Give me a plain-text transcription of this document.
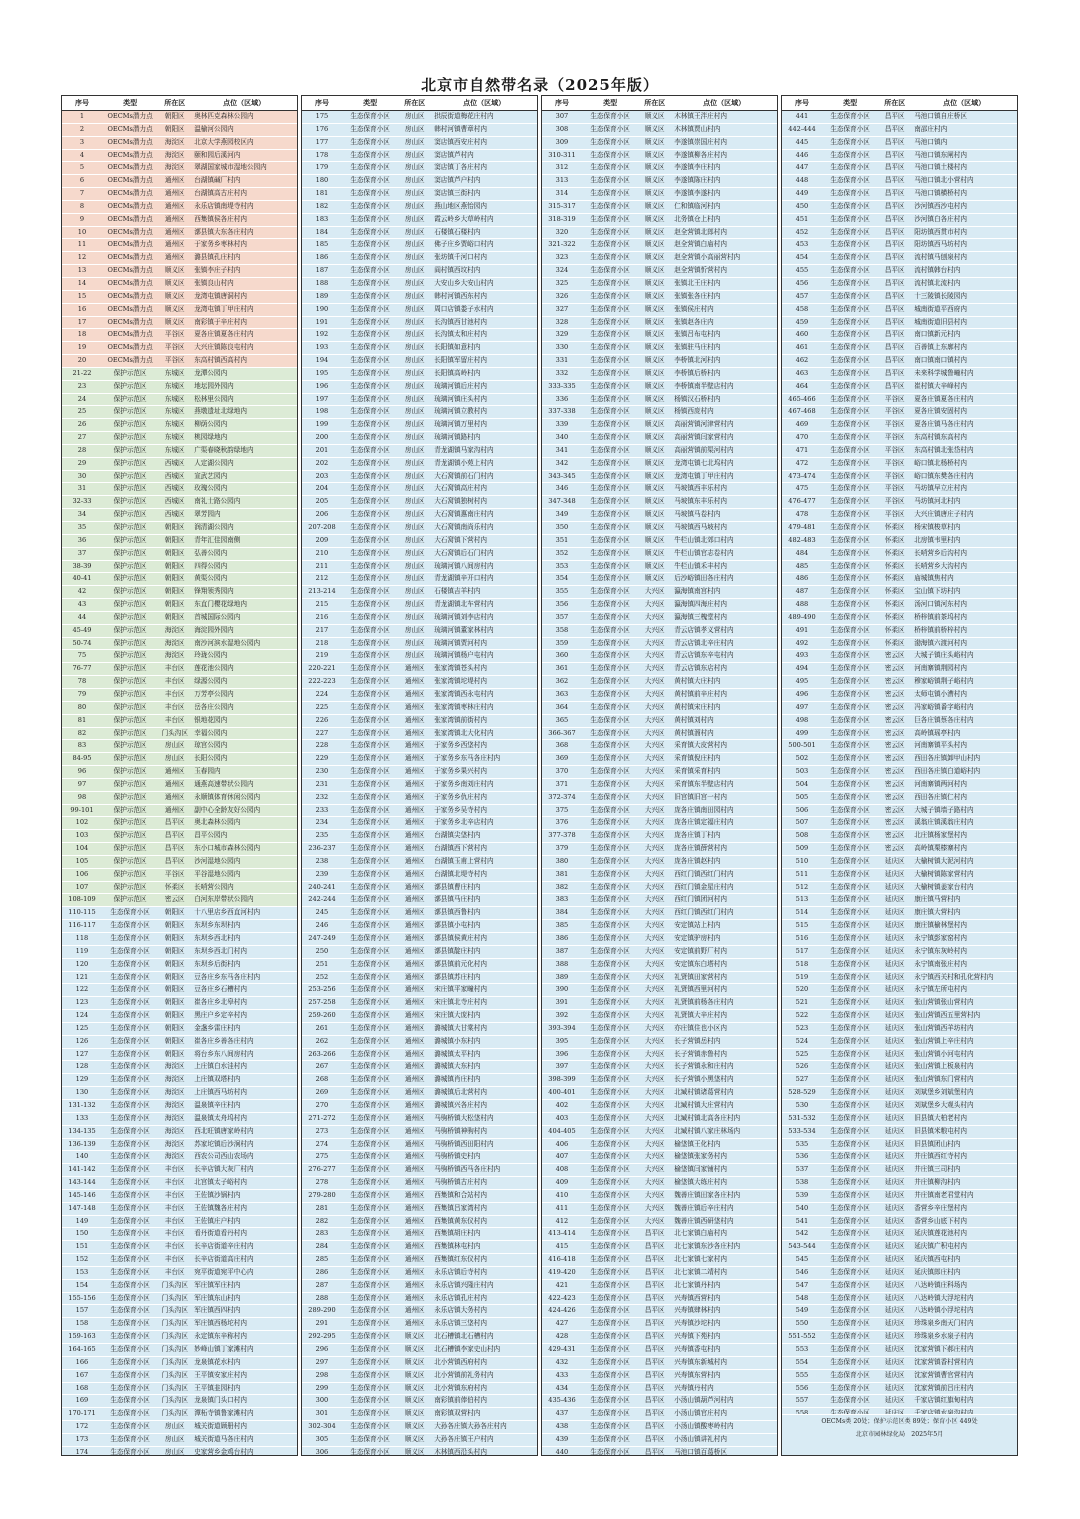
北京市自然带名录（2025年版）
序号	类型	所在区	点位（区域）
1	OECMs潜力点	朝阳区	奥林匹克森林公园内
2	OECMs潜力点	朝阳区	温榆河公园内
3	OECMs潜力点	海淀区	北京大学燕园校区内
4	OECMs潜力点	海淀区	颐和园后溪河内
5	OECMs潜力点	海淀区	翠湖国家城市湿地公园内
6	OECMs潜力点	通州区	台湖镇碱厂村内
7	OECMs潜力点	通州区	台湖镇高古庄村内
8	OECMs潜力点	通州区	永乐店镇南堤寺村内
9	OECMs潜力点	通州区	西集镇侯各庄村内
10	OECMs潜力点	通州区	漷县镇大东各庄村内
11	OECMs潜力点	通州区	于家务乡枣林村内
12	OECMs潜力点	通州区	潞县镇孔庄村内
13	OECMs潜力点	顺义区	张镇李庄子村内
14	OECMs潜力点	顺义区	张镇良山村内
15	OECMs潜力点	顺义区	龙湾屯镇唐洞村内
16	OECMs潜力点	顺义区	龙湾屯镇丁甲庄村内
17	OECMs潜力点	顺义区	南彩镇于辛庄村内
18	OECMs潜力点	平谷区	夏各庄镇夏各庄村内
19	OECMs潜力点	平谷区	大兴庄镇陈良屯村内
20	OECMs潜力点	平谷区	东高村镇西高村内
21-22	保护示范区	东城区	龙潭公园内
23	保护示范区	东城区	地坛园外园内
24	保护示范区	东城区	松林里公园内
25	保护示范区	东城区	燕墩遗址北绿地内
26	保护示范区	东城区	柳荫公园内
27	保护示范区	东城区	桃园绿地内
28	保护示范区	东城区	广渠春晓秋韵绿地内
29	保护示范区	西城区	人定湖公园内
30	保护示范区	西城区	宣武艺园内
31	保护示范区	西城区	玫瑰公园内
32-33	保护示范区	西城区	南礼士路公园内
34	保护示范区	西城区	翠芳园内
35	保护示范区	朝阳区	润清湖公园内
36	保护示范区	朝阳区	青年汇佳园南侧
37	保护示范区	朝阳区	弘善公园内
38-39	保护示范区	朝阳区	四得公园内
40-41	保护示范区	朝阳区	黄渠公园内
42	保护示范区	朝阳区	锋翔领秀园内
43	保护示范区	朝阳区	东直门樱花绿地内
44	保护示范区	朝阳区	首城国际公园内
45-49	保护示范区	海淀区	海淀园外园内
50-74	保护示范区	海淀区	南沙河滨水湿地公园内
75	保护示范区	海淀区	玲珑公园内
76-77	保护示范区	丰台区	莲花池公园内
78	保护示范区	丰台区	绿源公园内
79	保护示范区	丰台区	万芳亭公园内
80	保护示范区	丰台区	岳各庄公园内
81	保护示范区	丰台区	银地花园内
82	保护示范区	门头沟区	幸福公园内
83	保护示范区	房山区	琼宫公园内
84-95	保护示范区	房山区	长阳公园内
96	保护示范区	通州区	玉春园内
97	保护示范区	通州区	通燕高速带状公园内
98	保护示范区	通州区	永顺镇体育休闲公园内
99-101	保护示范区	通州区	副中心全龄友好公园内
102	保护示范区	昌平区	奥北森林公园内
103	保护示范区	昌平区	昌平公园内
104	保护示范区	昌平区	东小口城市森林公园内
105	保护示范区	昌平区	沙河湿地公园内
106	保护示范区	平谷区	平谷湿地公园内
107	保护示范区	怀柔区	长哨营公园内
108-109	保护示范区	密云区	白河东岸带状公园内
110-115	生态保育小区	朝阳区	十八里店乡西直河村内
116-117	生态保育小区	朝阳区	东坝乡东坝村内
118	生态保育小区	朝阳区	东坝乡西北村内
119	生态保育小区	朝阳区	东坝乡西北门村内
120	生态保育小区	朝阳区	东坝乡后街村内
121	生态保育小区	朝阳区	豆各庄乡东马各庄村内
122	生态保育小区	朝阳区	豆各庄乡石槽村内
123	生态保育小区	朝阳区	崔各庄乡北皋村内
124	生态保育小区	朝阳区	黑庄户乡定辛村内
125	生态保育小区	朝阳区	金盏乡雷庄村内
126	生态保育小区	朝阳区	崔各庄乡善各庄村内
127	生态保育小区	朝阳区	将台乡东八间房村内
128	生态保育小区	海淀区	上庄镇白水洼村内
129	生态保育小区	海淀区	上庄镇双塔村内
130	生态保育小区	海淀区	上庄镇西马坊村内
131-132	生态保育小区	海淀区	温泉镇辛庄村内
133	生态保育小区	海淀区	温泉镇太舟坞村内
134-135	生态保育小区	海淀区	西北旺镇唐家岭村内
136-139	生态保育小区	海淀区	苏家坨镇后沙涧村内
140	生态保育小区	海淀区	西农公司西山农场内
141-142	生态保育小区	丰台区	长辛店镇大灰厂村内
143-144	生态保育小区	丰台区	北宫镇太子峪村内
145-146	生态保育小区	丰台区	王佐镇沙锅村内
147-148	生态保育小区	丰台区	王佐镇魏各庄村内
149	生态保育小区	丰台区	王佐镇庄户村内
150	生态保育小区	丰台区	看丹街道看丹村内
151	生态保育小区	丰台区	长辛店街道辛庄村内
152	生态保育小区	丰台区	长辛店街道高庄村内
153	生态保育小区	丰台区	宛平街道宛平中心内
154	生态保育小区	门头沟区	军庄镇军庄村内
155-156	生态保育小区	门头沟区	军庄镇东山村内
157	生态保育小区	门头沟区	军庄镇西四村内
158	生态保育小区	门头沟区	军庄镇西杨坨村内
159-163	生态保育小区	门头沟区	永定镇东辛称村内
164-165	生态保育小区	门头沟区	妙峰山镇丁家滩村内
166	生态保育小区	门头沟区	龙泉镇花水村内
167	生态保育小区	门头沟区	王平镇安家庄村内
168	生态保育小区	门头沟区	王平镇韭园村内
169	生态保育小区	门头沟区	龙泉镇门头口村内
170-171	生态保育小区	门头沟区	潭柘寺镇鲁家滩村内
172	生态保育小区	房山区	城关街道顾册村内
173	生态保育小区	房山区	城关街道马各庄村内
174	生态保育小区	房山区	史家营乡金鸡台村内
序号	类型	所在区	点位（区域）
175	生态保育小区	房山区	拱辰街道梅花庄村内
176	生态保育小区	房山区	韩村河镇曹章村内
177	生态保育小区	房山区	窦店镇西安庄村内
178	生态保育小区	房山区	窦店镇芦村内
179	生态保育小区	房山区	窦店镇丁各庄村内
180	生态保育小区	房山区	窦店镇芦户村内
181	生态保育小区	房山区	窦店镇三街村内
182	生态保育小区	房山区	燕山地区燕怡园内
183	生态保育小区	房山区	霞云岭乡大草岭村内
184	生态保育小区	房山区	石楼镇石楼村内
185	生态保育小区	房山区	佛子庄乡贾峪口村内
186	生态保育小区	房山区	张坊镇千河口村内
187	生态保育小区	房山区	阎村镇西坟村内
188	生态保育小区	房山区	大安山乡大安山村内
189	生态保育小区	房山区	韩村河镇西东村内
190	生态保育小区	房山区	周口店镇娄子水村内
191	生态保育小区	房山区	长沟镇西甘池村内
192	生态保育小区	房山区	长沟镇太和庄村内
193	生态保育小区	房山区	长阳镇如意村内
194	生态保育小区	房山区	长阳镇军留庄村内
195	生态保育小区	房山区	长阳镇高岭村内
196	生态保育小区	房山区	琉璃河镇后庄村内
197	生态保育小区	房山区	琉璃河镇庄头村内
198	生态保育小区	房山区	琉璃河镇立教村内
199	生态保育小区	房山区	琉璃河镇万里村内
200	生态保育小区	房山区	琉璃河镇路村内
201	生态保育小区	房山区	青龙湖镇马家沟村内
202	生态保育小区	房山区	青龙湖镇小苑上村内
203	生态保育小区	房山区	大石窝镇前石门村内
204	生态保育小区	房山区	大石窝镇高庄村内
205	生态保育小区	房山区	大石窝镇独树村内
206	生态保育小区	房山区	大石窝镇惠南庄村内
207-208	生态保育小区	房山区	大石窝镇南尚乐村内
209	生态保育小区	房山区	大石窝镇下营村内
210	生态保育小区	房山区	大石窝镇后石门村内
211	生态保育小区	房山区	琉璃河镇八间房村内
212	生态保育小区	房山区	青龙湖镇辛开口村内
213-214	生态保育小区	房山区	石楼镇吉羊村内
215	生态保育小区	房山区	青龙湖镇北车营村内
216	生态保育小区	房山区	琉璃河镇刘李店村内
217	生态保育小区	房山区	琉璃河镇董家林村内
218	生态保育小区	房山区	琉璃河镇贾河村内
219	生态保育小区	房山区	琉璃河镇杨户屯村内
220-221	生态保育小区	通州区	张家湾镇苍头村内
222-223	生态保育小区	通州区	张家湾镇坨堤村内
224	生态保育小区	通州区	张家湾镇西永屯村内
225	生态保育小区	通州区	张家湾镇枣林庄村内
226	生态保育小区	通州区	张家湾镇前街村内
227	生态保育小区	通州区	张家湾镇北大化村内
228	生态保育小区	通州区	于家务乡西垡村内
229	生态保育小区	通州区	于家务乡东马各庄村内
230	生态保育小区	通州区	于家务乡果兴村内
231	生态保育小区	通州区	于家务乡南刘庄村内
232	生态保育小区	通州区	于家务乡仇庄村内
233	生态保育小区	通州区	于家务乡吴寺村内
234	生态保育小区	通州区	于家务乡北辛店村内
235	生态保育小区	通州区	台湖镇尖垡村内
236-237	生态保育小区	通州区	台湖镇西下营村内
238	生态保育小区	通州区	台湖镇玉甫上营村内
239	生态保育小区	通州区	台湖镇北堤寺村内
240-241	生态保育小区	通州区	漷县镇曹庄村内
242-244	生态保育小区	通州区	漷县镇马庄村内
245	生态保育小区	通州区	漷县镇西鲁村内
246	生态保育小区	通州区	漷县镇小屯村内
247-249	生态保育小区	通州区	漷县镇侯黄庄村内
250	生态保育小区	通州区	漷县镇靛庄村内
251	生态保育小区	通州区	漷县镇前元化村内
252	生态保育小区	通州区	漷县镇苏庄村内
253-256	生态保育小区	通州区	宋庄镇平家疃村内
257-258	生态保育小区	通州区	宋庄镇北寺庄村内
259-260	生态保育小区	通州区	宋庄镇大庞村内
261	生态保育小区	通州区	潞城镇大甘棠村内
262	生态保育小区	通州区	潞城镇小东村内
263-266	生态保育小区	通州区	潞城镇太平村内
267	生态保育小区	通州区	潞城镇大东村内
268	生态保育小区	通州区	潞城镇肖庄村内
269	生态保育小区	通州区	潞城镇后北营村内
270	生态保育小区	通州区	潞城镇兴各庄村内
271-272	生态保育小区	通州区	马驹桥镇大松垡村内
273	生态保育小区	通州区	马驹桥镇神驹村内
274	生态保育小区	通州区	马驹桥镇西田阳村内
275	生态保育小区	通州区	马驹桥镇史村内
276-277	生态保育小区	通州区	马驹桥镇西马各庄村内
278	生态保育小区	通州区	马驹桥镇古庄村内
279-280	生态保育小区	通州区	西集镇和合站村内
281	生态保育小区	通州区	西集镇吕家湾村内
282	生态保育小区	通州区	西集镇黄东仪村内
283	生态保育小区	通州区	西集镇胡庄村内
284	生态保育小区	通州区	西集镇林屯村内
285	生态保育小区	通州区	西集镇红东仪村内
286	生态保育小区	通州区	永乐店镇后寺村内
287	生态保育小区	通州区	永乐店镇兴隆庄村内
288	生态保育小区	通州区	永乐店镇孔庄村内
289-290	生态保育小区	通州区	永乐店镇大务村内
291	生态保育小区	通州区	永乐店镇三垡村内
292-295	生态保育小区	顺义区	北石槽镇北石槽村内
296	生态保育小区	顺义区	北石槽镇李家史山村内
297	生态保育小区	顺义区	北小营镇西府村内
298	生态保育小区	顺义区	北小营镇前礼务村内
299	生态保育小区	顺义区	北小营镇东府村内
300	生态保育小区	顺义区	南彩镇前俸伯村内
301	生态保育小区	顺义区	南彩镇双营村内
302-304	生态保育小区	顺义区	大孙各庄镇大孙各庄村内
305	生态保育小区	顺义区	大孙各庄镇王户村内
306	生态保育小区	顺义区	木林镇西沿头村内
序号	类型	所在区	点位（区域）
307	生态保育小区	顺义区	木林镇王泮庄村内
308	生态保育小区	顺义区	木林镇贾山村内
309	生态保育小区	顺义区	李遂镇崇国庄村内
310-311	生态保育小区	顺义区	李遂镇柳各庄村内
312	生态保育小区	顺义区	李遂镇李庄村内
313	生态保育小区	顺义区	李遂镇陈庄村内
314	生态保育小区	顺义区	李遂镇李遂村内
315-317	生态保育小区	顺义区	仁和镇临河村内
318-319	生态保育小区	顺义区	北务镇仓上村内
320	生态保育小区	顺义区	赵全营镇北郎村内
321-322	生态保育小区	顺义区	赵全营镇白庙村内
323	生态保育小区	顺义区	赵全营镇小高丽营村内
324	生态保育小区	顺义区	赵全营镇忻营村内
325	生态保育小区	顺义区	张镇北王庄村内
326	生态保育小区	顺义区	张镇张各庄村内
327	生态保育小区	顺义区	张镇侯庄村内
328	生态保育小区	顺义区	张镇赵各庄内
329	生态保育小区	顺义区	张镇吕布屯村内
330	生态保育小区	顺义区	张镇驻马庄村内
331	生态保育小区	顺义区	李桥镇北河村内
332	生态保育小区	顺义区	李桥镇后桥村内
333-335	生态保育小区	顺义区	李桥镇南半壁店村内
336	生态保育小区	顺义区	杨镇汉石桥村内
337-338	生态保育小区	顺义区	杨镇西庞村内
339	生态保育小区	顺义区	高丽营镇河津营村内
340	生态保育小区	顺义区	高丽营镇闫家营村内
341	生态保育小区	顺义区	高丽营镇前渠河村内
342	生态保育小区	顺义区	龙湾屯镇七北坞村内
343-345	生态保育小区	顺义区	龙湾屯镇丁甲庄村内
346	生态保育小区	顺义区	马坡镇西丰乐村内
347-348	生态保育小区	顺义区	马坡镇东丰乐村内
349	生态保育小区	顺义区	马坡镇马卷村内
350	生态保育小区	顺义区	马坡镇西马坡村内
351	生态保育小区	顺义区	牛栏山镇北郊口村内
352	生态保育小区	顺义区	牛栏山镇官志卷村内
353	生态保育小区	顺义区	牛栏山镇禾丰村内
354	生态保育小区	顺义区	后沙峪镇田各庄村内
355	生态保育小区	大兴区	瀛海镇南宫村内
356	生态保育小区	大兴区	瀛海镇四海庄村内
357	生态保育小区	大兴区	瀛海镇三槐堂村内
358	生态保育小区	大兴区	青云店镇孝义营村内
359	生态保育小区	大兴区	青云店镇北辛庄村内
360	生态保育小区	大兴区	青云店镇东辛屯村内
361	生态保育小区	大兴区	青云店镇东店村内
362	生态保育小区	大兴区	黄村镇大庄村内
363	生态保育小区	大兴区	黄村镇前辛庄村内
364	生态保育小区	大兴区	黄村镇宋庄村内
365	生态保育小区	大兴区	黄村镇刘村内
366-367	生态保育小区	大兴区	黄村镇溜村内
368	生态保育小区	大兴区	采育镇大皮营村内
369	生态保育小区	大兴区	采育镇倪庄村内
370	生态保育小区	大兴区	采育镇采育村内
371	生态保育小区	大兴区	采育镇东半壁店村内
372-374	生态保育小区	大兴区	旧宫镇旧宫一村内
375	生态保育小区	大兴区	庞各庄镇南田园村内
376	生态保育小区	大兴区	庞各庄镇定福庄村内
377-378	生态保育小区	大兴区	庞各庄镇丁村内
379	生态保育小区	大兴区	庞各庄镇薛营村内
380	生态保育小区	大兴区	庞各庄镇赵村内
381	生态保育小区	大兴区	西红门镇西红门村内
382	生态保育小区	大兴区	西红门镇金星庄村内
383	生态保育小区	大兴区	西红门镇团河村内
384	生态保育小区	大兴区	西红门镇西红门村内
385	生态保育小区	大兴区	安定镇站上村内
386	生态保育小区	大兴区	安定镇驴房村内
387	生态保育小区	大兴区	安定镇前野厂村内
388	生态保育小区	大兴区	安定镇东白塔村内
389	生态保育小区	大兴区	礼贤镇田家营村内
390	生态保育小区	大兴区	礼贤镇西里河村内
391	生态保育小区	大兴区	礼贤镇前杨各庄村内
392	生态保育小区	大兴区	礼贤镇大辛庄村内
393-394	生态保育小区	大兴区	亦庄镇住也小区内
395	生态保育小区	大兴区	长子营镇岳村内
396	生态保育小区	大兴区	长子营镇赤鲁村内
397	生态保育小区	大兴区	长子营镇永和庄村内
398-399	生态保育小区	大兴区	长子营镇小黑垡村内
400-401	生态保育小区	大兴区	北臧村镇诸葛营村内
402	生态保育小区	大兴区	北臧村镇大庄营村内
403	生态保育小区	大兴区	北臧村镇北高各庄村内
404-405	生态保育小区	大兴区	北臧村镇八家庄林场内
406	生态保育小区	大兴区	榆垡镇王化村内
407	生态保育小区	大兴区	榆垡镇张家务村内
408	生态保育小区	大兴区	榆垡镇闫家铺村内
409	生态保育小区	大兴区	榆垡镇大练庄村内
410	生态保育小区	大兴区	魏善庄镇田家各庄村内
411	生态保育小区	大兴区	魏善庄镇后辛庄村内
412	生态保育小区	大兴区	魏善庄镇西研垡村内
413-414	生态保育小区	昌平区	北七家镇白庙村内
415	生态保育小区	昌平区	北七家镇东沙各庄村内
416-418	生态保育小区	昌平区	北七家镇七家村内
419-420	生态保育小区	昌平区	北七家镇二靖村内
421	生态保育小区	昌平区	北七家镇丹村内
422-423	生态保育小区	昌平区	兴寿镇西营村内
424-426	生态保育小区	昌平区	兴寿镇肆林村内
427	生态保育小区	昌平区	兴寿镇沙坨村内
428	生态保育小区	昌平区	兴寿镇下苑村内
429-431	生态保育小区	昌平区	兴寿镇香屯村内
432	生态保育小区	昌平区	兴寿镇东新城村内
433	生态保育小区	昌平区	兴寿镇东营村内
434	生态保育小区	昌平区	兴寿镇丹村内
435-436	生态保育小区	昌平区	小汤山镇葫芦河村内
437	生态保育小区	昌平区	小汤山镇官庄村内
438	生态保育小区	昌平区	小汤山镇酸枣岭村内
439	生态保育小区	昌平区	小汤山镇讲礼村内
440	生态保育小区	昌平区	马池口镇百葛桥区
序号	类型	所在区	点位（区域）
441	生态保育小区	昌平区	马池口镇自庄桥区
442-444	生态保育小区	昌平区	南邵庄村内
445	生态保育小区	昌平区	马池口镇内
446	生态保育小区	昌平区	马池口镇东闸村内
447	生态保育小区	昌平区	马池口镇土楼村内
448	生态保育小区	昌平区	马池口镇北小营村内
449	生态保育小区	昌平区	马池口镇横桥村内
450	生态保育小区	昌平区	沙河镇西沙屯村内
451	生态保育小区	昌平区	沙河镇白各庄村内
452	生态保育小区	昌平区	阳坊镇西贯市村内
453	生态保育小区	昌平区	阳坊镇西马坊村内
454	生态保育小区	昌平区	流村镇马刨泉村内
455	生态保育小区	昌平区	流村镇韩台村内
456	生态保育小区	昌平区	流村镇北流村内
457	生态保育小区	昌平区	十三陵镇长陵园内
458	生态保育小区	昌平区	城南街道平西府内
459	生态保育小区	昌平区	城南街道旧县村内
460	生态保育小区	昌平区	南口镇新元村内
461	生态保育小区	昌平区	百善镇上东廓村内
462	生态保育小区	昌平区	南口镇南口镇村内
463	生态保育小区	昌平区	未来科学城鲁疃村内
464	生态保育小区	昌平区	崔村镇大辛峰村内
465-466	生态保育小区	平谷区	夏各庄镇夏各庄村内
467-468	生态保育小区	平谷区	夏各庄镇安固村内
469	生态保育小区	平谷区	夏各庄镇马各庄村内
470	生态保育小区	平谷区	东高村镇东高村内
471	生态保育小区	平谷区	东高村镇北张岱村内
472	生态保育小区	平谷区	峪口镇北杨桥村内
473-474	生态保育小区	平谷区	峪口镇东樊各庄村内
475	生态保育小区	平谷区	马坊镇早立庄村内
476-477	生态保育小区	平谷区	马坊镇河北村内
478	生态保育小区	平谷区	大兴庄镇唐庄子村内
479-481	生态保育小区	怀柔区	杨宋镇梭草村内
482-483	生态保育小区	怀柔区	北房镇韦里村内
484	生态保育小区	怀柔区	长哨营乡后沟村内
485	生态保育小区	怀柔区	长哨营乡大沟村内
486	生态保育小区	怀柔区	庙城镇焦村内
487	生态保育小区	怀柔区	宝山镇下坊村内
488	生态保育小区	怀柔区	汤河口镇河东村内
489-490	生态保育小区	怀柔区	桥梓镇前茶坞村内
491	生态保育小区	怀柔区	桥梓镇前桥梓村内
492	生态保育小区	怀柔区	渤海镇六渡河村内
493	生态保育小区	密云区	大城子镇庄头峪村内
494	生态保育小区	密云区	河南寨镇荆园村内
495	生态保育小区	密云区	穆家峪镇荆子峪村内
496	生态保育小区	密云区	太师屯镇小漕村内
497	生态保育小区	密云区	冯家峪镇番字峪村内
498	生态保育小区	密云区	巨各庄镇蔡各庄村内
499	生态保育小区	密云区	高岭镇瑶亭村内
500-501	生态保育小区	密云区	河南寨镇平头村内
502	生态保育小区	密云区	西田各庄镇卸甲山村内
503	生态保育小区	密云区	西田各庄镇白道峪村内
504	生态保育小区	密云区	河南寨镇两河村内
505	生态保育小区	密云区	西田各庄镇仁村内
506	生态保育小区	密云区	大城子镇墙子路村内
507	生态保育小区	密云区	溪翁庄镇溪翁庄村内
508	生态保育小区	密云区	北庄镇杨家堡村内
509	生态保育小区	密云区	高岭镇栗榛寨村内
510	生态保育小区	延庆区	大榆树镇大泥河村内
511	生态保育小区	延庆区	大榆树镇陈家营村内
512	生态保育小区	延庆区	大榆树镇姜家台村内
513	生态保育小区	延庆区	康庄镇马营村内
514	生态保育小区	延庆区	康庄镇大营村内
515	生态保育小区	延庆区	康庄镇榆林堡村内
516	生态保育小区	延庆区	永宁镇彭家窑村内
517	生态保育小区	延庆区	永宁镇东灰岭村内
518	生态保育小区	延庆区	永宁镇南张庄村内
519	生态保育小区	延庆区	永宁镇西关村和孔化营村内
520	生态保育小区	延庆区	永宁镇左所屯村内
521	生态保育小区	延庆区	张山营镇张山营村内
522	生态保育小区	延庆区	张山营镇西五里营村内
523	生态保育小区	延庆区	张山营镇西羊坊村内
524	生态保育小区	延庆区	张山营镇上辛庄村内
525	生态保育小区	延庆区	张山营镇小河屯村内
526	生态保育小区	延庆区	张山营镇上板泉村内
527	生态保育小区	延庆区	张山营镇东门营村内
528-529	生态保育小区	延庆区	刘斌堡乡刘斌堡村内
530	生态保育小区	延庆区	刘斌堡乡大观头村内
531-532	生态保育小区	延庆区	旧县镇大柏老村内
533-534	生态保育小区	延庆区	旧县镇米粮屯村内
535	生态保育小区	延庆区	旧县镇团山村内
536	生态保育小区	延庆区	井庄镇西红寺村内
537	生态保育小区	延庆区	井庄镇三司村内
538	生态保育小区	延庆区	井庄镇柳沟村内
539	生态保育小区	延庆区	井庄镇南老君堂村内
540	生态保育小区	延庆区	香营乡辛庄堡村内
541	生态保育小区	延庆区	香营乡山底下村内
542	生态保育小区	延庆区	延庆镇莲花池村内
543-544	生态保育小区	延庆区	延庆镇广积屯村内
545	生态保育小区	延庆区	延庆镇西屯村内
546	生态保育小区	延庆区	延庆镇郎庄村内
547	生态保育小区	延庆区	八达岭镇庄科场内
548	生态保育小区	延庆区	八达岭镇大浮坨村内
549	生态保育小区	延庆区	八达岭镇小浮坨村内
550	生态保育小区	延庆区	珍珠泉乡南天门村内
551-552	生态保育小区	延庆区	珍珠泉乡水泉子村内
553	生态保育小区	延庆区	沈家营镇下郝庄村内
554	生态保育小区	延庆区	沈家营镇香村营村内
555	生态保育小区	延庆区	沈家营镇曹官营村内
556	生态保育小区	延庆区	沈家营镇前吕庄村内
557	生态保育小区	延庆区	千家店镇红旗甸村内

OECMs类 20处；保护示范区类 89处；保育小区 449处
北京市园林绿化局　2025年5月
